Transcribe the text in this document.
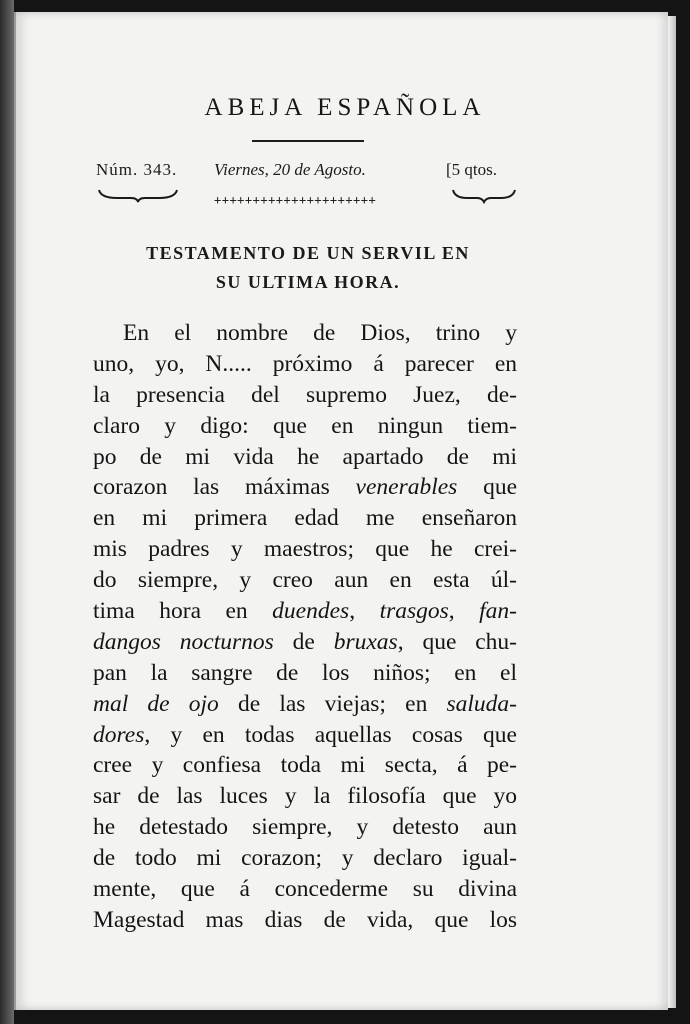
ABEJA ESPAÑOLA
Núm. 343. Viernes, 20 de Agosto.	[5 qtos.
+++++++++++++++++++++
TESTAMENTO DE UN SERVIL EN
SU ULTIMA HORA.
En el nombre de Dios, trino y
uno, yo, N..... próximo á parecer en
la presencia del supremo Juez, de-
claro y digo: que en ningun tiem-
po de mi vida he apartado de mi
corazon las máximas venerables que
en mi primera edad me enseñaron
mis padres y maestros; que he crei-
do siempre, y creo aun en esta úl-
tima hora en duendes, trasgos, fan-
dangos nocturnos de bruxas, que chu-
pan la sangre de los niños; en el
mal de ojo de las viejas; en saluda-
dores, y en todas aquellas cosas que
cree y confiesa toda mi secta, á pe-
sar de las luces y la filosofía que yo
he detestado siempre, y detesto aun
de todo mi corazon; y declaro igual-
mente, que á concederme su divina
Magestad mas dias de vida, que los
